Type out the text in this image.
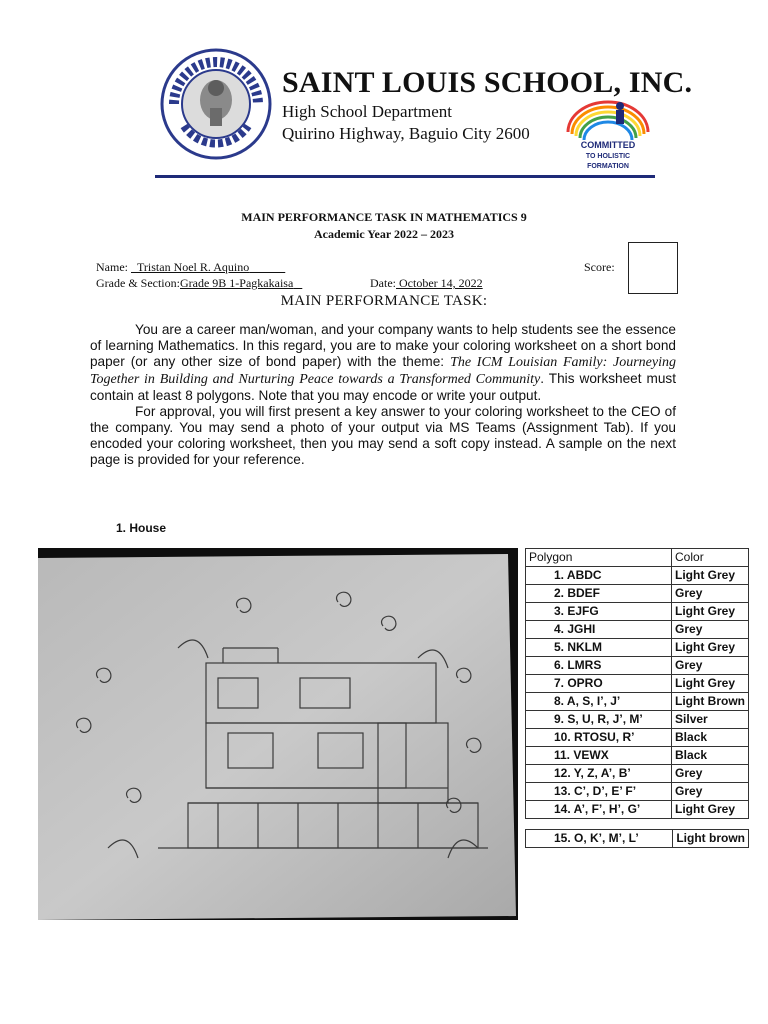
SAINT LOUIS SCHOOL, INC.
High School Department
Quirino Highway, Baguio City 2600
COMMITTED
TO HOLISTIC
FORMATION
MAIN PERFORMANCE TASK IN MATHEMATICS 9
Academic Year 2022 – 2023
Name: Tristan Noel R. Aquino
Grade & Section:Grade 9B 1-Pagkakaisa	Date: October 14, 2022
Score:
MAIN PERFORMANCE TASK:

You are a career man/woman, and your company wants to help students see the essence of learning Mathematics. In this regard, you are to make your coloring worksheet on a short bond paper (or any other size of bond paper) with the theme: The ICM Louisian Family: Journeying Together in Building and Nurturing Peace towards a Transformed Community. This worksheet must contain at least 8 polygons. Note that you may encode or write your output.

For approval, you will first present a key answer to your coloring worksheet to the CEO of the company. You may send a photo of your output via MS Teams (Assignment Tab). If you encoded your coloring worksheet, then you may send a soft copy instead. A sample on the next page is provided for your reference.

1. House
Polygon	Color
1. ABDC	Light Grey
2. BDEF	Grey
3. EJFG	Light Grey
4. JGHI	Grey
5. NKLM	Light Grey
6. LMRS	Grey
7. OPRO	Light Grey
8. A, S, I’, J’	Light Brown
9. S, U, R, J’, M’	Silver
10. RTOSU, R’	Black
11. VEWX	Black
12. Y, Z, A’, B’	Grey
13. C’, D’, E’ F’	Grey
14. A’, F’, H’, G’	Light Grey
15. O, K’, M’, L’	Light brown
